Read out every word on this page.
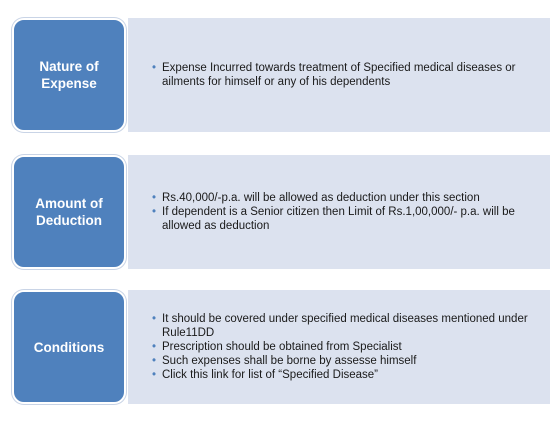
• Expense Incurred towards treatment of Specified medical diseases or ailments for himself or any of his dependents
Nature of
Expense
• Rs.40,000/-p.a. will be allowed as deduction under this section
• If dependent is a Senior citizen then Limit of Rs.1,00,000/- p.a. will be allowed as deduction
Amount of
Deduction
• It should be covered under specified medical diseases mentioned under Rule11DD
• Prescription should be obtained from Specialist
• Such expenses shall be borne by assesse himself
• Click this link for list of “Specified Disease”
Conditions
